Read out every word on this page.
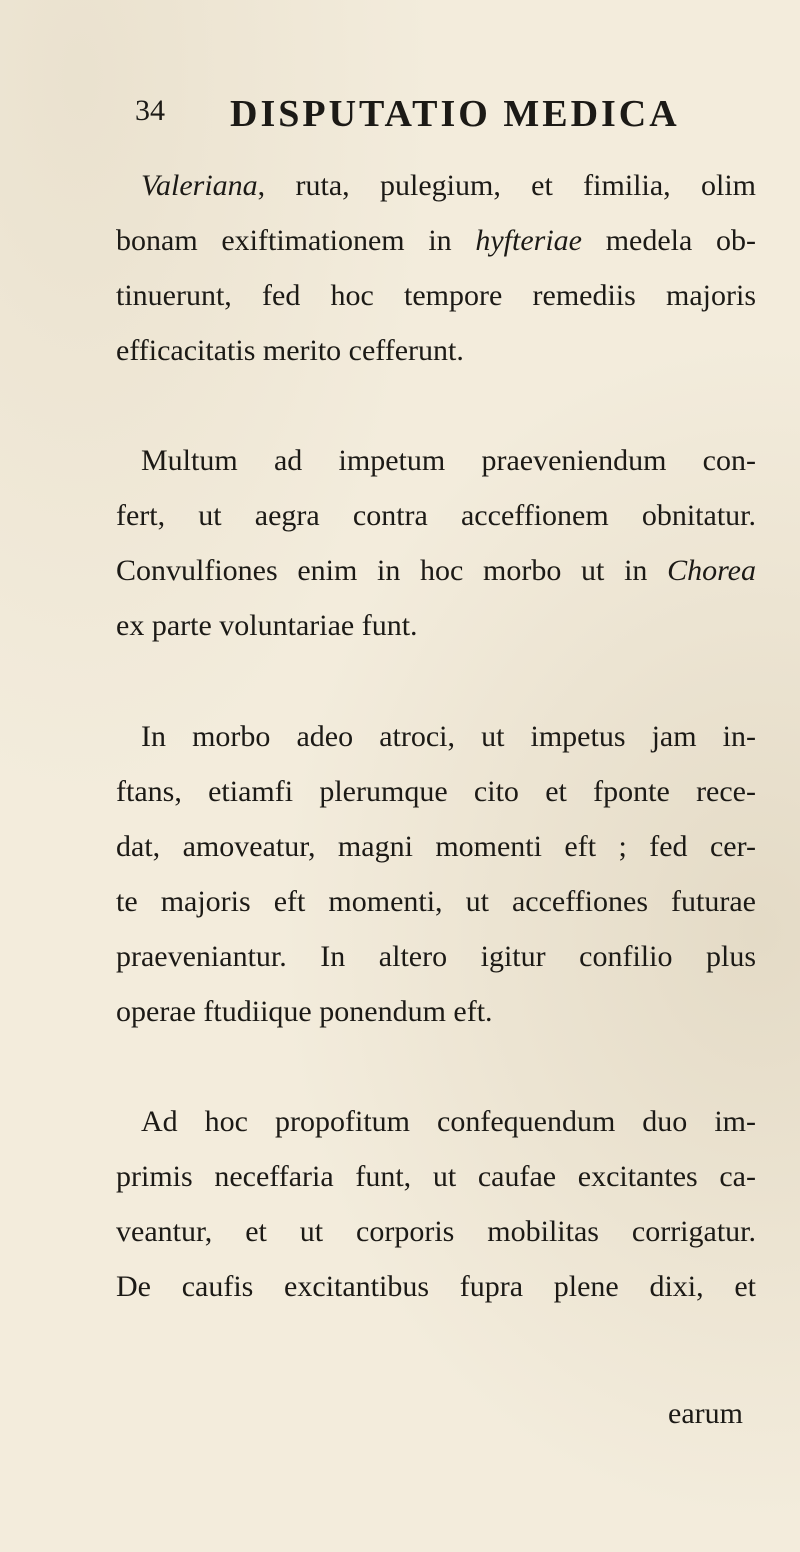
34 DISPUTATIO MEDICA
Valeriana, ruta, pulegium, et fimilia, olim
bonam exiftimationem in hyfteriae medela ob-
tinuerunt, fed hoc tempore remediis majoris
efficacitatis merito cefferunt.
Multum ad impetum praeveniendum con-
fert, ut aegra contra acceffionem obnitatur.
Convulfiones enim in hoc morbo ut in Chorea
ex parte voluntariae funt.
In morbo adeo atroci, ut impetus jam in-
ftans, etiamfi plerumque cito et fponte rece-
dat, amoveatur, magni momenti eft ; fed cer-
te majoris eft momenti, ut acceffiones futurae
praeveniantur. In altero igitur confilio plus
operae ftudiique ponendum eft.
Ad hoc propofitum confequendum duo im-
primis neceffaria funt, ut caufae excitantes ca-
veantur, et ut corporis mobilitas corrigatur.
De caufis excitantibus fupra plene dixi, et
earum
